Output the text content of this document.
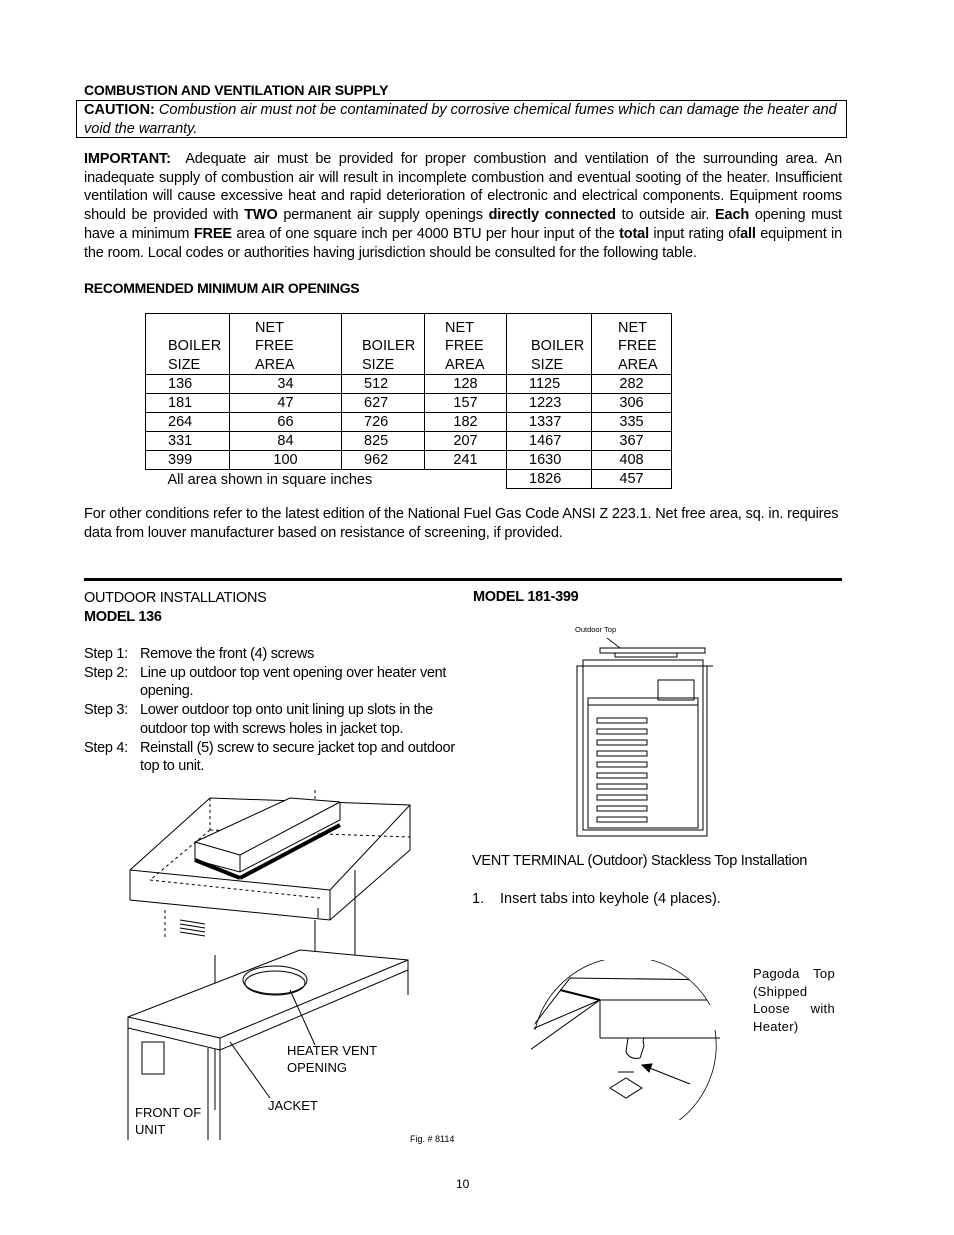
COMBUSTION AND VENTILATION AIR SUPPLY
CAUTION: Combustion air must not be contaminated by corrosive chemical fumes which can damage the heater and void the warranty.
IMPORTANT: Adequate air must be provided for proper combustion and ventilation of the surrounding area. An inadequate supply of combustion air will result in incomplete combustion and eventual sooting of the heater. Insufficient ventilation will cause excessive heat and rapid deterioration of electronic and electrical components. Equipment rooms should be provided with TWO permanent air supply openings directly connected to outside air. Each opening must have a minimum FREE area of one square inch per 4000 BTU per hour input of the total input rating ofall equipment in the room. Local codes or authorities having jurisdiction should be consulted for the following table.
RECOMMENDED MINIMUM AIR OPENINGS

BOILER
SIZE	NET
FREE
AREA	BOILER
SIZE	NET
FREE
AREA	BOILER
SIZE	NET
FREE
AREA
136	34	512	128	1125	282
181	47	627	157	1223	306
264	66	726	182	1337	335
331	84	825	207	1467	367
399	100	962	241	1630	408
All area shown in square inches				1826	457
For other conditions refer to the latest edition of the National Fuel Gas Code ANSI Z 223.1. Net free area, sq. in. requires data from louver manufacturer based on resistance of screening, if provided.
OUTDOOR INSTALLATIONS
MODEL 136
MODEL 181-399
Step 1: Remove the front (4) screws
Step 2: Line up outdoor top vent opening over heater vent opening.
Step 3: Lower outdoor top onto unit lining up slots in the outdoor top with screws holes in jacket top.
Step 4: Reinstall (5) screw to secure jacket top and outdoor top to unit.
HEATER VENT
OPENING
JACKET
FRONT OF
UNIT
Outdoor Top
VENT TERMINAL (Outdoor) Stackless Top Installation
1. Insert tabs into keyhole (4 places).
Pagoda Top (Shipped Loose with Heater)
Fig. # 8114
10
